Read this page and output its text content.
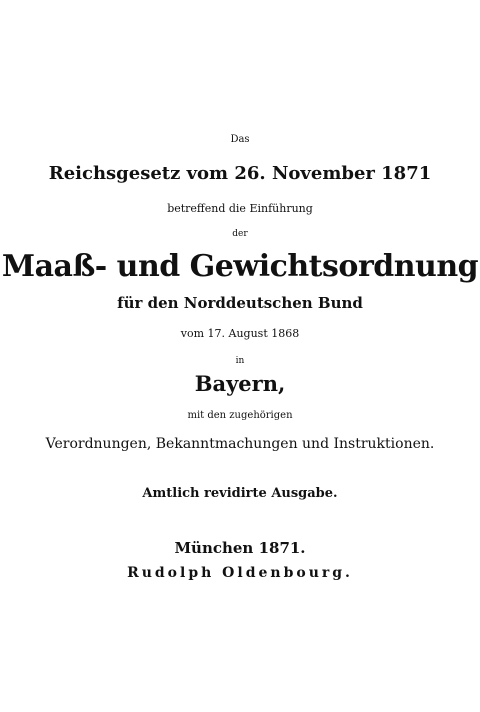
Das
Reichsgesetz vom 26. November 1871
betreffend die Einführung
der
Maaß- und Gewichtsordnung
für den Norddeutschen Bund
vom 17. August 1868
in
Bayern,
mit den zugehörigen
Verordnungen, Bekanntmachungen und Instruktionen.
Amtlich revidirte Ausgabe.
München 1871.
Rudolph Oldenbourg.
